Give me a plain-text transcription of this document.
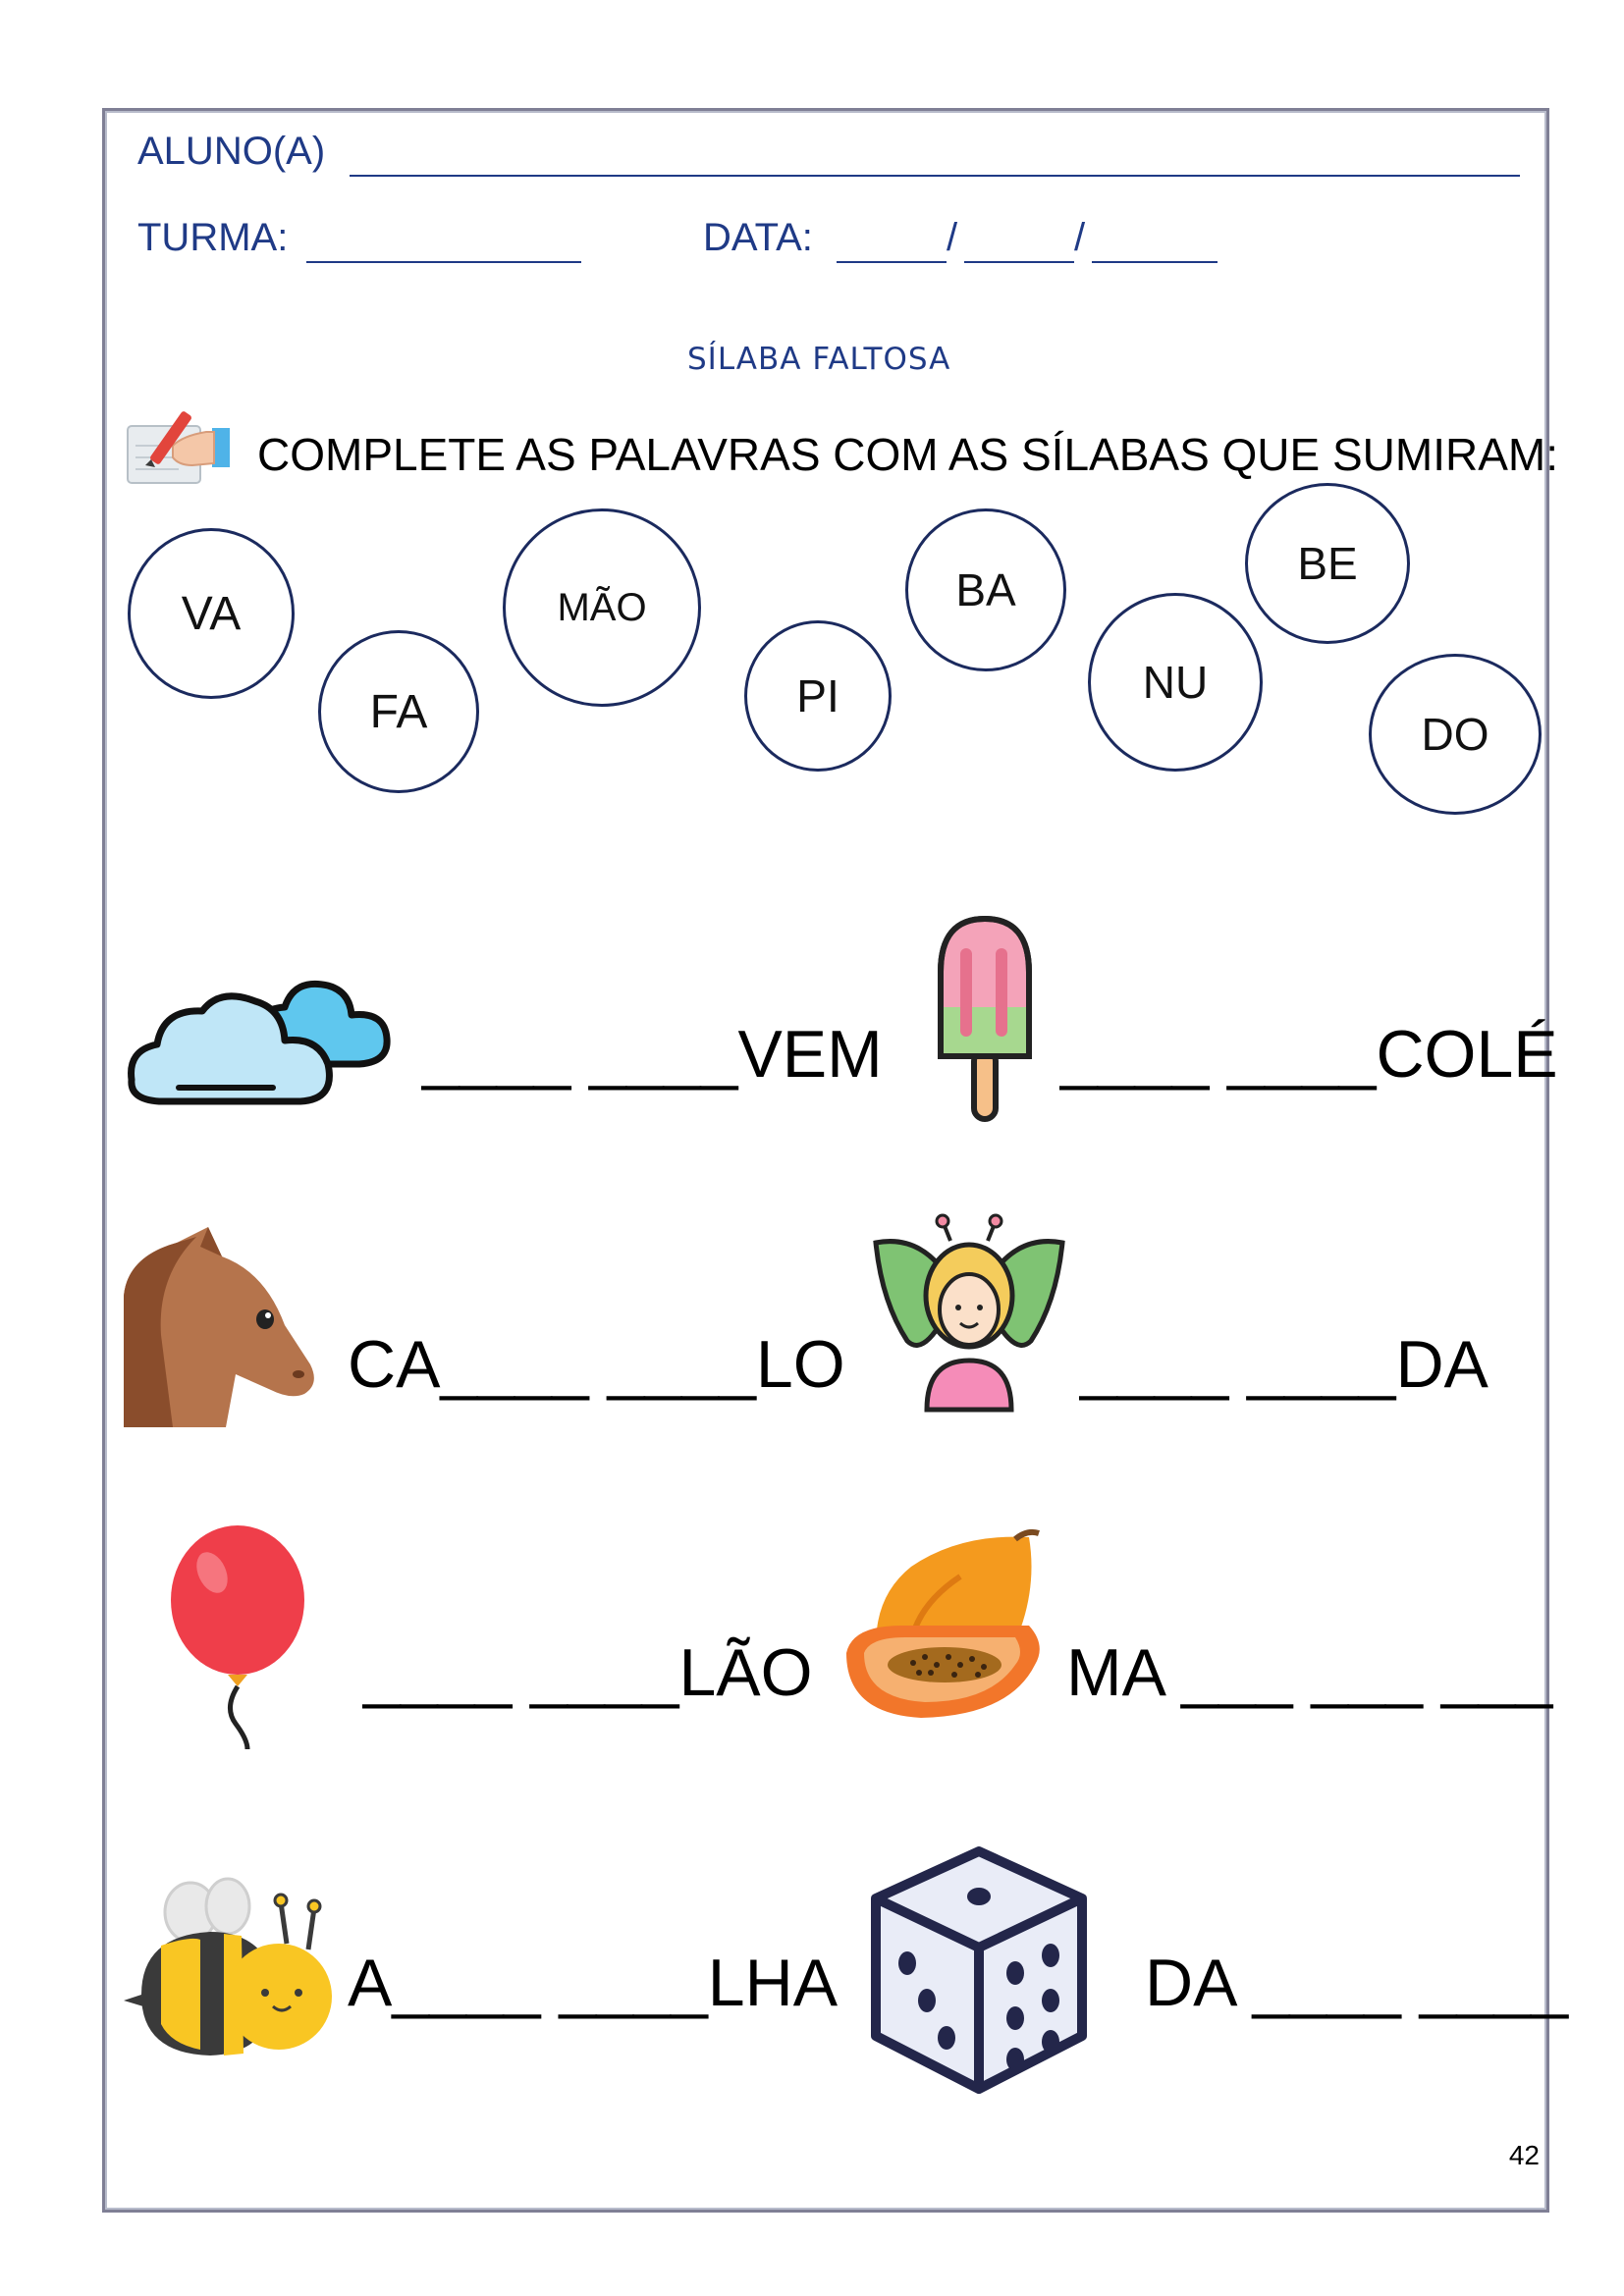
ALUNO(A)
TURMA:	DATA:	/	/
SÍLABA FALTOSA
COMPLETE AS PALAVRAS COM AS SÍLABAS QUE SUMIRAM:
VA
FA
MÃO
PI
BA
NU
BE
DO
____ ____VEM	____ ____COLÉ
CA____ ____LO	____ ____DA
____ ____LÃO	MA ___ ___ ___
A____ ____LHA	DA ____ ____
42
